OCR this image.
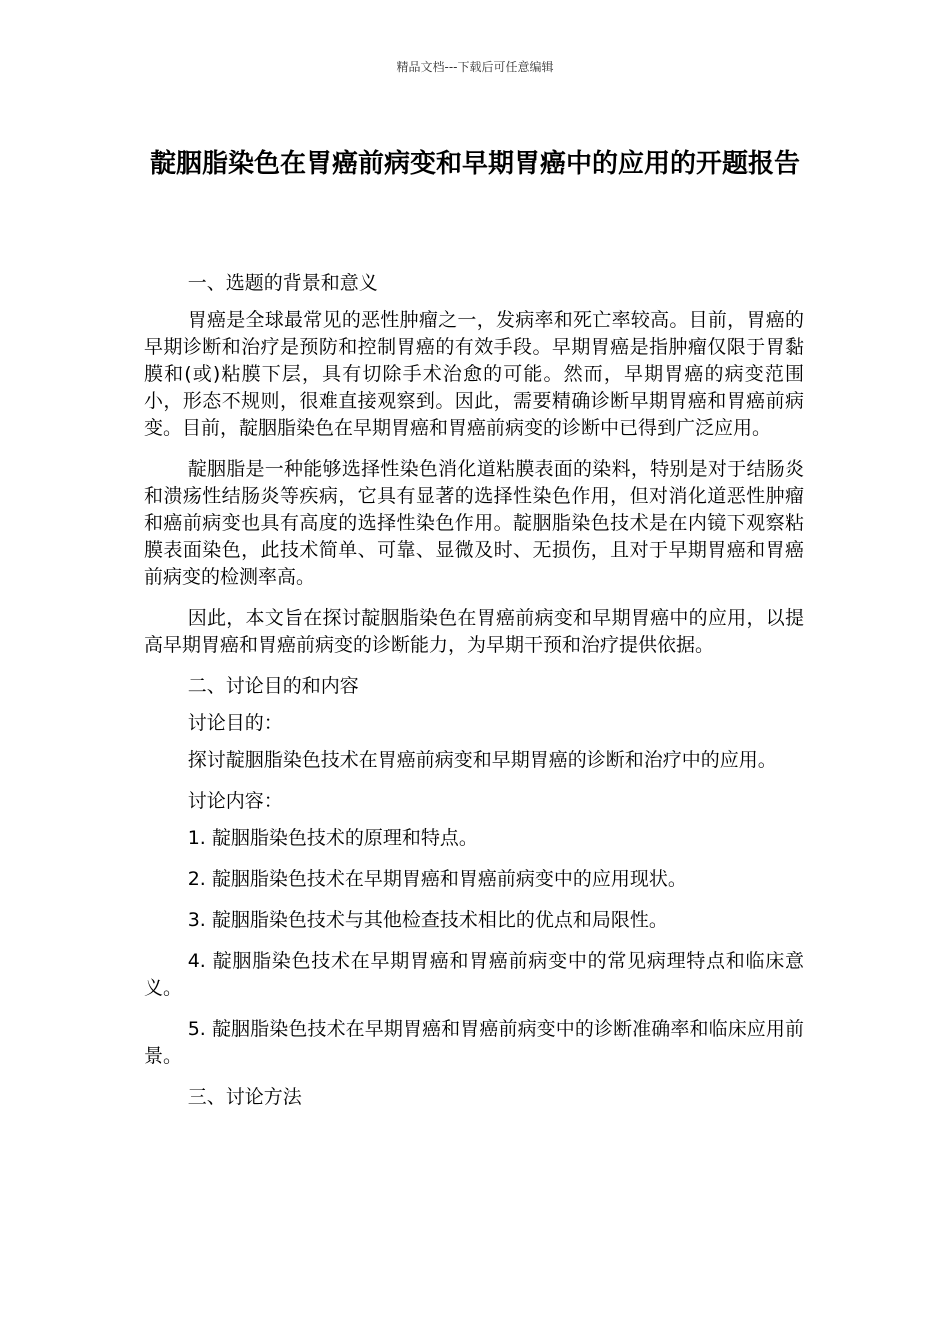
精品文档---下载后可任意编辑
靛胭脂染色在胃癌前病变和早期胃癌中的应用的开题报告

一、选题的背景和意义

胃癌是全球最常见的恶性肿瘤之一，发病率和死亡率较高。目前，胃癌的早期诊断和治疗是预防和控制胃癌的有效手段。早期胃癌是指肿瘤仅限于胃黏膜和(或)粘膜下层，具有切除手术治愈的可能。然而，早期胃癌的病变范围小，形态不规则，很难直接观察到。因此，需要精确诊断早期胃癌和胃癌前病变。目前，靛胭脂染色在早期胃癌和胃癌前病变的诊断中已得到广泛应用。

靛胭脂是一种能够选择性染色消化道粘膜表面的染料，特别是对于结肠炎和溃疡性结肠炎等疾病，它具有显著的选择性染色作用，但对消化道恶性肿瘤和癌前病变也具有高度的选择性染色作用。靛胭脂染色技术是在内镜下观察粘膜表面染色，此技术简单、可靠、显微及时、无损伤，且对于早期胃癌和胃癌前病变的检测率高。

因此，本文旨在探讨靛胭脂染色在胃癌前病变和早期胃癌中的应用，以提高早期胃癌和胃癌前病变的诊断能力，为早期干预和治疗提供依据。

二、讨论目的和内容

讨论目的：

探讨靛胭脂染色技术在胃癌前病变和早期胃癌的诊断和治疗中的应用。

讨论内容：

1. 靛胭脂染色技术的原理和特点。

2. 靛胭脂染色技术在早期胃癌和胃癌前病变中的应用现状。

3. 靛胭脂染色技术与其他检查技术相比的优点和局限性。

4. 靛胭脂染色技术在早期胃癌和胃癌前病变中的常见病理特点和临床意义。

5. 靛胭脂染色技术在早期胃癌和胃癌前病变中的诊断准确率和临床应用前景。

三、讨论方法
